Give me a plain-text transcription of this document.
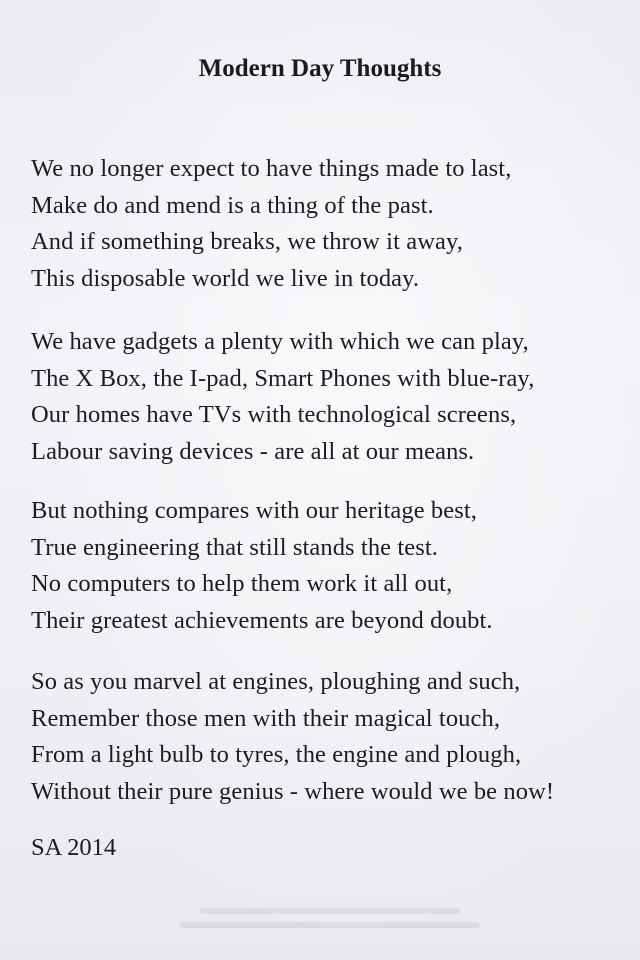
Modern Day Thoughts
We no longer expect to have things made to last,
Make do and mend is a thing of the past.
And if something breaks, we throw it away,
This disposable world we live in today.
We have gadgets a plenty with which we can play,
The X Box, the I-pad, Smart Phones with blue-ray,
Our homes have TVs with technological screens,
Labour saving devices - are all at our means.
But nothing compares with our heritage best,
True engineering that still stands the test.
No computers to help them work it all out,
Their greatest achievements are beyond doubt.
So as you marvel at engines, ploughing and such,
Remember those men with their magical touch,
From a light bulb to tyres, the engine and plough,
Without their pure genius - where would we be now!

SA 2014
